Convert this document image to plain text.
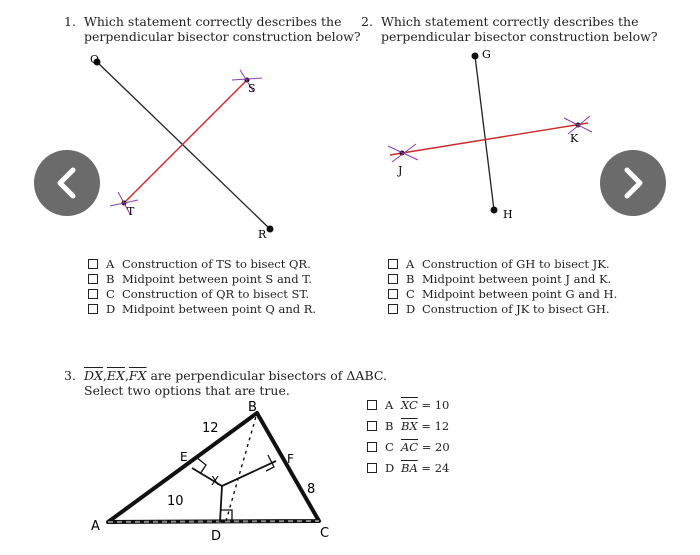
1. Which statement correctly describes the
perpendicular bisector construction below?
2. Which statement correctly describes the
perpendicular bisector construction below?
Q
S
T
R
G
H
J
K
A Construction of TS to bisect QR.
B Midpoint between point S and T.
C Construction of QR to bisect ST.
D Midpoint between point Q and R.
A Construction of GH to bisect JK.
B Midpoint between point J and K.
C Midpoint between point G and H.
D Construction of JK to bisect GH.
3. $\overline{DX},\overline{EX},\overline{FX}$ are perpendicular bisectors of ΔABC.
Select two options that are true.
A
B
C
D
E	F
X
12
10
8
A $\overline{XC} = 10$
B $\overline{BX} = 12$
C $\overline{AC} = 20$
D $\overline{BA} = 24$
